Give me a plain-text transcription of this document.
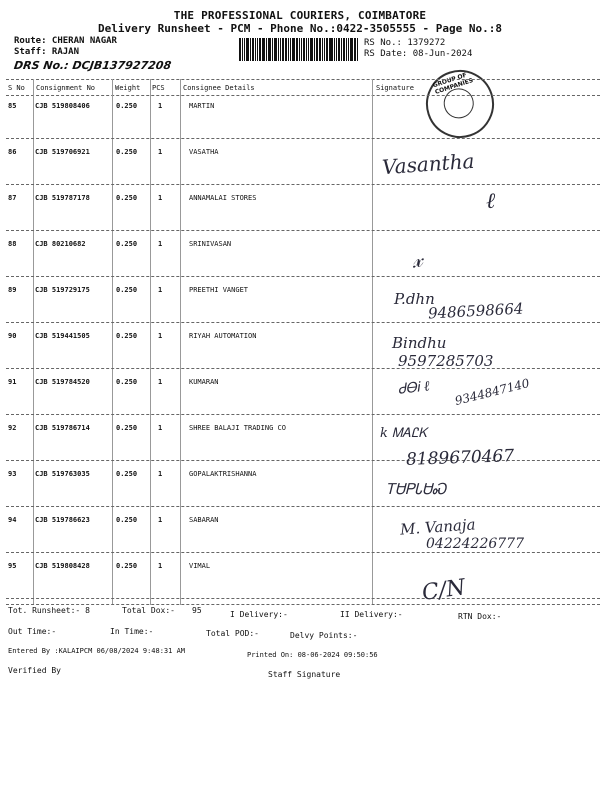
THE PROFESSIONAL COURIERS, COIMBATORE
Delivery Runsheet - PCM - Phone No.:0422-3505555 - Page No.:8
Route: CHERAN NAGAR
Staff: RAJAN
DRS No.: DCJB137927208
RS No.: 1379272
RS Date: 08-Jun-2024
GROUP OF COMPANIES
S No Consignment No	Weight PCS	Consignee Details	Signature
85	CJB 519808406	0.250	1	MARTIN
86	CJB 519706921	0.250	1	VASATHA
87	CJB 519787178	0.250	1	ANNAMALAI STORES
88	CJB 80210682	0.250	1	SRINIVASAN
89	CJB 519729175	0.250	1	PREETHI VANGET
90	CJB 519441505	0.250	1	RIYAH AUTOMATION
91	CJB 519784520	0.250	1	KUMARAN
92	CJB 519786714	0.250	1	SHREE BALAJI TRADING CO
93	CJB 519763035	0.250	1	GOPALAKTRISHANNA
94	CJB 519786623	0.250	1	SABARAN
95	CJB 519808428	0.250	1	VIMAL
Vasantha
ℓ
𝓍
P.dhn
9486598664
Bindhu
9597285703
ᏧᎾᎥ ℓ 9344847140
k ᎷᎪᏝᏦ
8189670467
ᎢᏌᏢᏓᏌᏍ
M. Vanaja
04224226777
C/N
Tot. Runsheet:- 8	Total Dox:- 95	I Delivery:-	II Delivery:-	RTN Dox:-
Out Time:-	In Time:-	Total POD:-	Delvy Points:-
Entered By :KALAIPCM 06/08/2024 9:48:31 AM	Printed On: 08-06-2024 09:50:56
Verified By	Staff Signature
